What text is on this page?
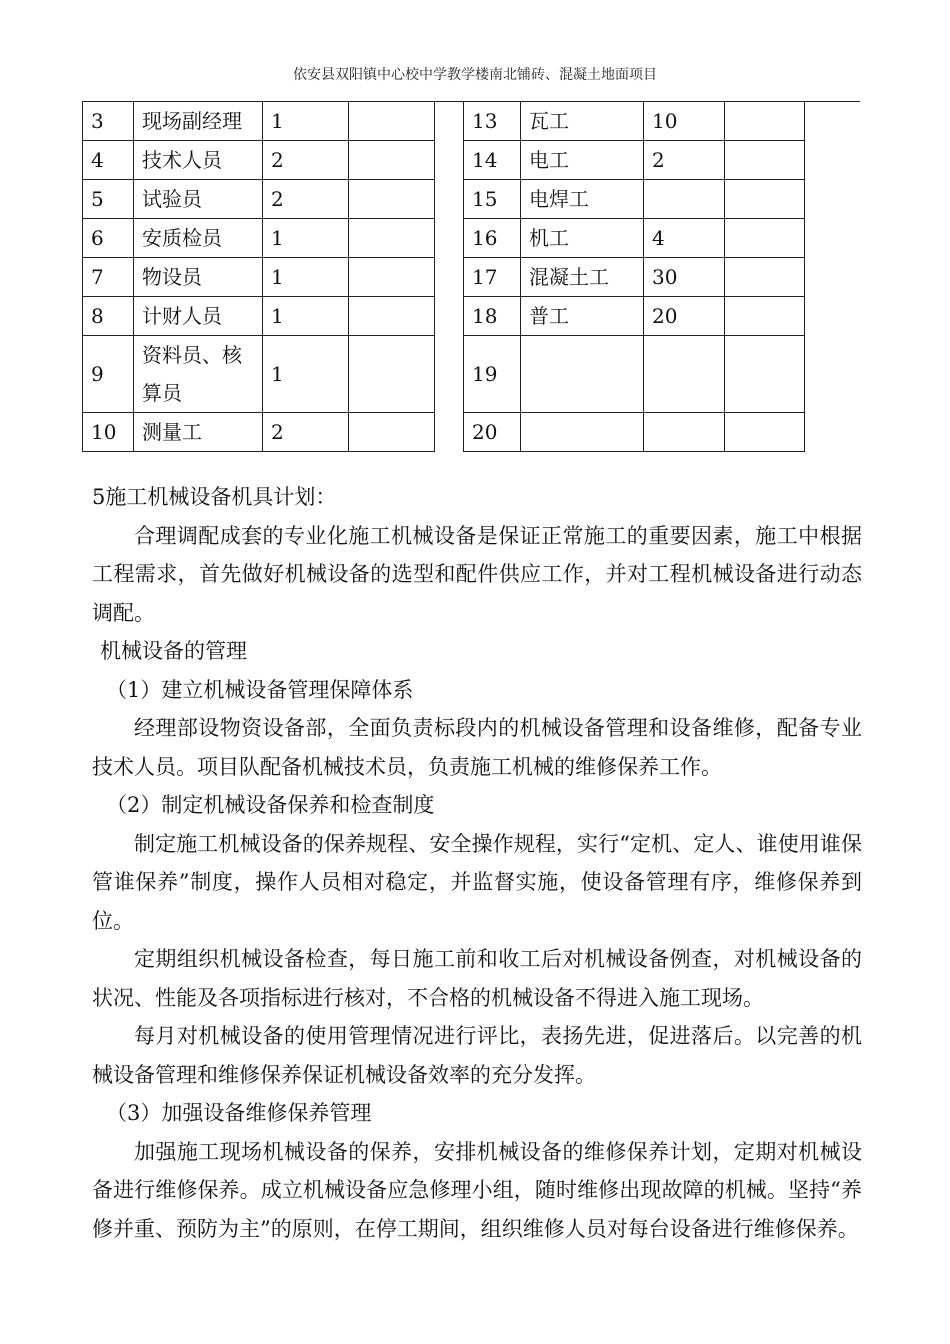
依安县双阳镇中心校中学教学楼南北铺砖、混凝土地面项目
3	现场副经理	1			13	瓦工	10	
4	技术人员	2			14	电工	2	
5	试验员	2			15	电焊工		
6	安质检员	1			16	机工	4	
7	物设员	1			17	混凝土工	30	
8	计财人员	1			18	普工	20	
9	资料员、核算员	1			19			
10	测量工	2			20			

5施工机械设备机具计划：

合理调配成套的专业化施工机械设备是保证正常施工的重要因素，施工中根据工程需求，首先做好机械设备的选型和配件供应工作，并对工程机械设备进行动态调配。

机械设备的管理

（1）建立机械设备管理保障体系

经理部设物资设备部，全面负责标段内的机械设备管理和设备维修，配备专业技术人员。项目队配备机械技术员，负责施工机械的维修保养工作。

（2）制定机械设备保养和检查制度

制定施工机械设备的保养规程、安全操作规程，实行“定机、定人、谁使用谁保管谁保养”制度，操作人员相对稳定，并监督实施，使设备管理有序，维修保养到位。

定期组织机械设备检查，每日施工前和收工后对机械设备例查，对机械设备的状况、性能及各项指标进行核对，不合格的机械设备不得进入施工现场。

每月对机械设备的使用管理情况进行评比，表扬先进，促进落后。以完善的机械设备管理和维修保养保证机械设备效率的充分发挥。

（3）加强设备维修保养管理

加强施工现场机械设备的保养，安排机械设备的维修保养计划，定期对机械设备进行维修保养。成立机械设备应急修理小组，随时维修出现故障的机械。坚持“养修并重、预防为主”的原则，在停工期间，组织维修人员对每台设备进行维修保养。
